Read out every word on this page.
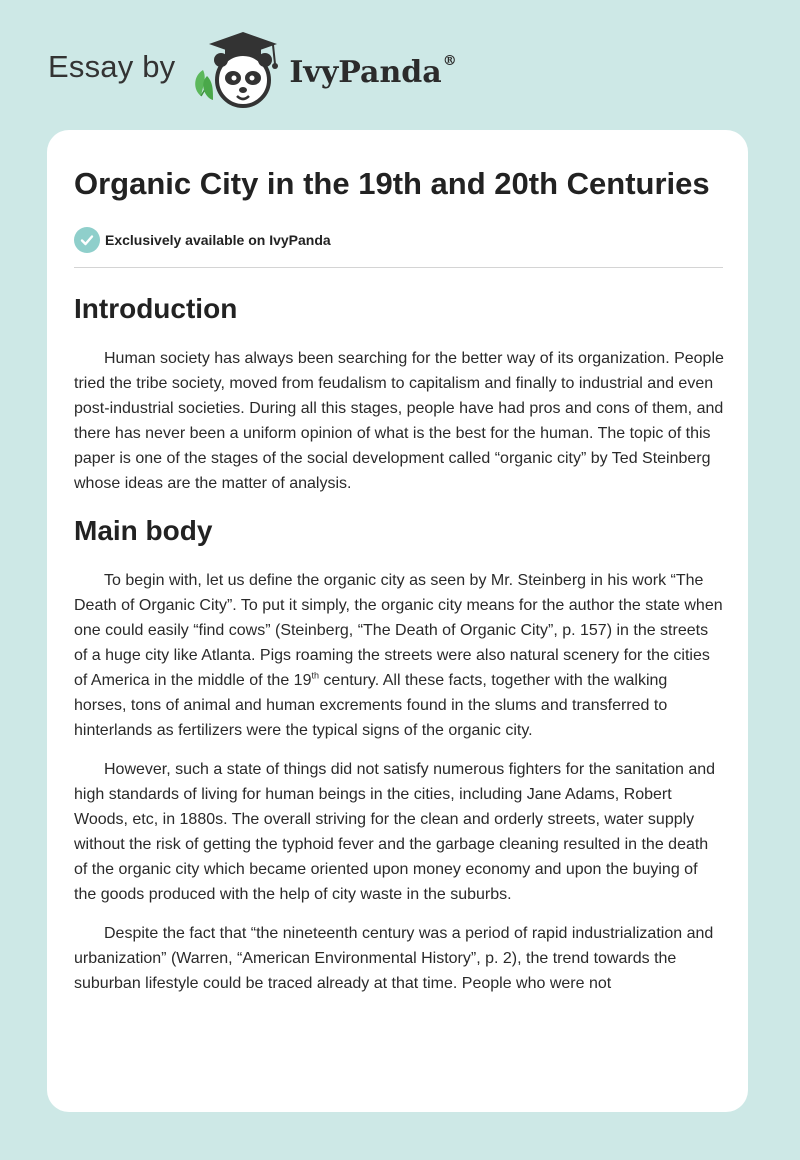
Essay by	IvyPanda®
Organic City in the 19th and 20th Centuries
Exclusively available on IvyPanda
Introduction

Human society has always been searching for the better way of its organization. People tried the tribe society, moved from feudalism to capitalism and finally to industrial and even post-industrial societies. During all this stages, people have had pros and cons of them, and there has never been a uniform opinion of what is the best for the human. The topic of this paper is one of the stages of the social development called “organic city” by Ted Steinberg whose ideas are the matter of analysis.

Main body

To begin with, let us define the organic city as seen by Mr. Steinberg in his work “The Death of Organic City”. To put it simply, the organic city means for the author the state when one could easily “find cows” (Steinberg, “The Death of Organic City”, p. 157) in the streets of a huge city like Atlanta. Pigs roaming the streets were also natural scenery for the cities of America in the middle of the 19th century. All these facts, together with the walking horses, tons of animal and human excrements found in the slums and transferred to hinterlands as fertilizers were the typical signs of the organic city.

However, such a state of things did not satisfy numerous fighters for the sanitation and high standards of living for human beings in the cities, including Jane Adams, Robert Woods, etc, in 1880s. The overall striving for the clean and orderly streets, water supply without the risk of getting the typhoid fever and the garbage cleaning resulted in the death of the organic city which became oriented upon money economy and upon the buying of the goods produced with the help of city waste in the suburbs.

Despite the fact that “the nineteenth century was a period of rapid industrialization and urbanization” (Warren, “American Environmental History”, p. 2), the trend towards the suburban lifestyle could be traced already at that time. People who were not
